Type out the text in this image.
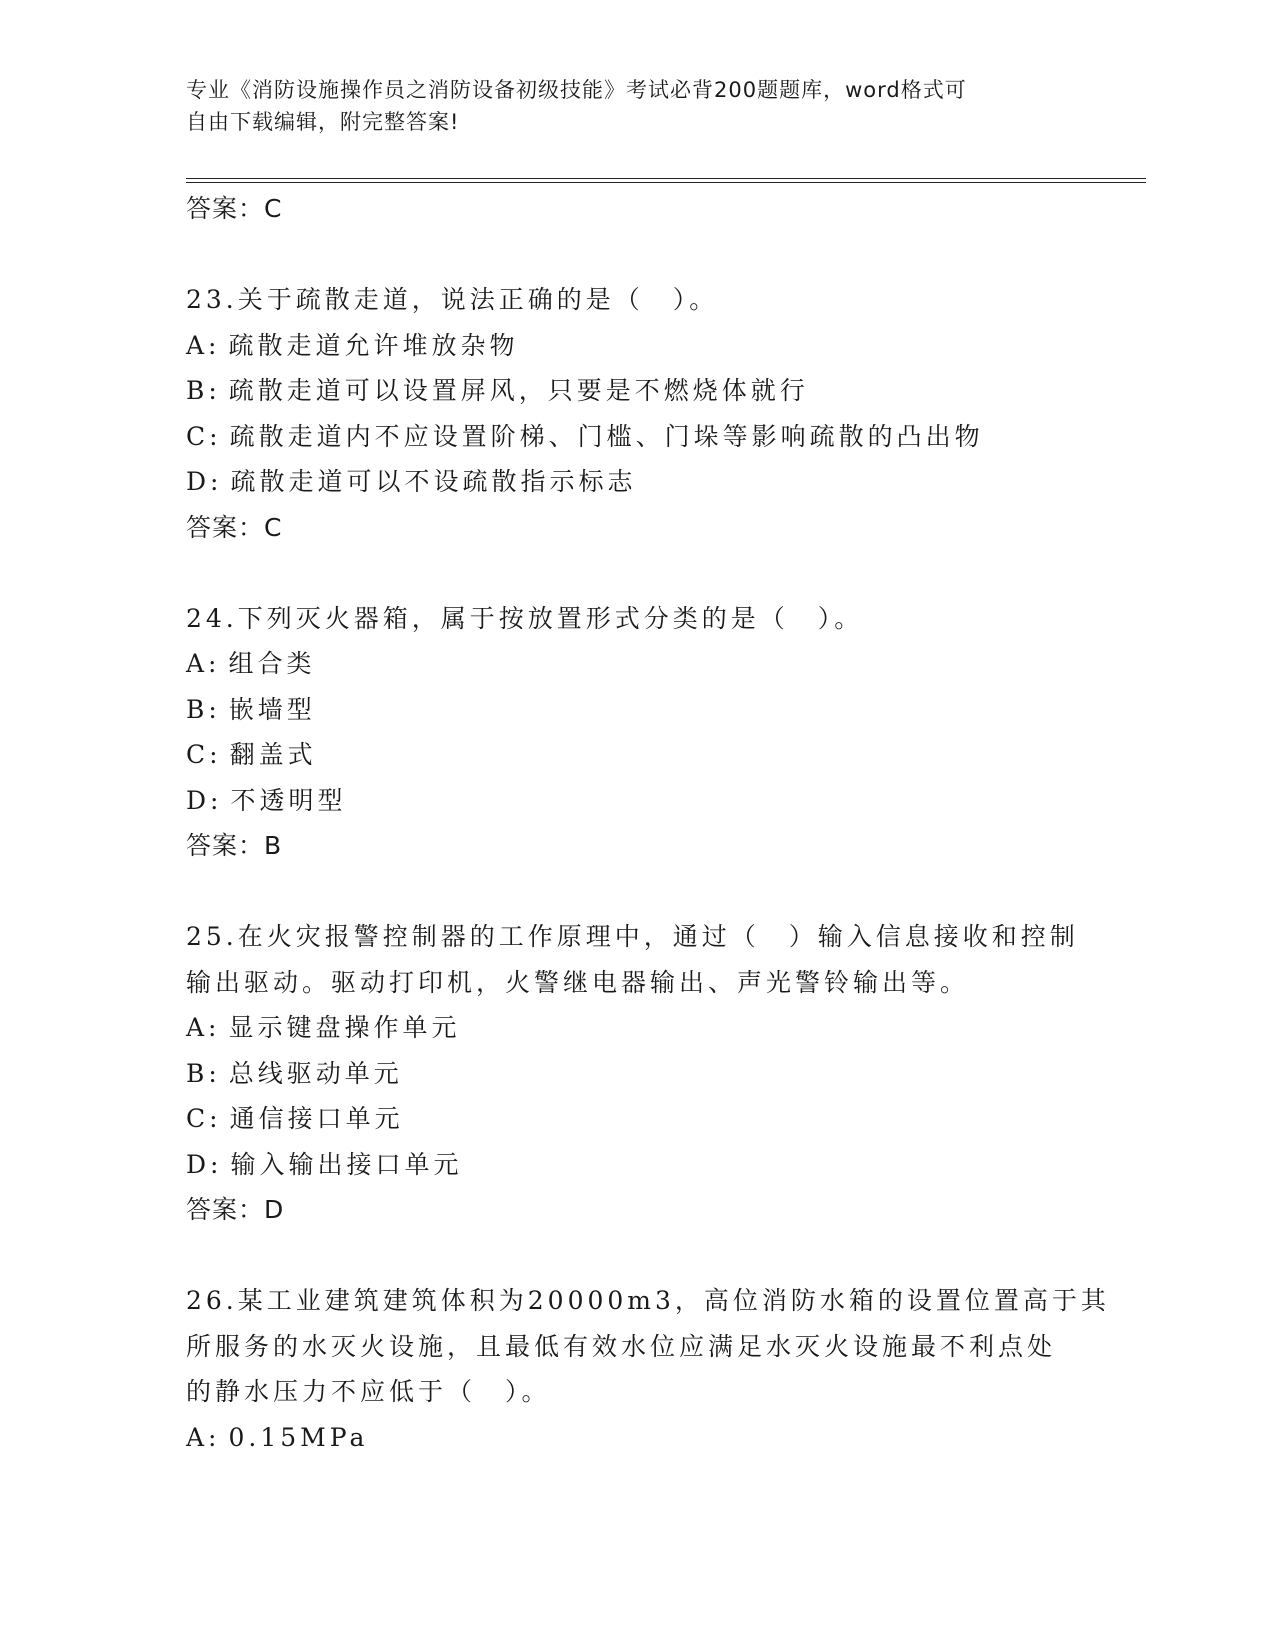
专业《消防设施操作员之消防设备初级技能》考试必背200题题库，word格式可
自由下载编辑，附完整答案!
答案：C
23.关于疏散走道，说法正确的是（　）。
A: 疏散走道允许堆放杂物
B: 疏散走道可以设置屏风，只要是不燃烧体就行
C: 疏散走道内不应设置阶梯、门槛、门垛等影响疏散的凸出物
D: 疏散走道可以不设疏散指示标志
答案：C
24.下列灭火器箱，属于按放置形式分类的是（　）。
A: 组合类
B: 嵌墙型
C: 翻盖式
D: 不透明型
答案：B
25.在火灾报警控制器的工作原理中，通过（　）输入信息接收和控制
输出驱动。驱动打印机，火警继电器输出、声光警铃输出等。
A: 显示键盘操作单元
B: 总线驱动单元
C: 通信接口单元
D: 输入输出接口单元
答案：D
26.某工业建筑建筑体积为20000m3，高位消防水箱的设置位置高于其
所服务的水灭火设施，且最低有效水位应满足水灭火设施最不利点处
的静水压力不应低于（　）。
A: 0.15MPa
